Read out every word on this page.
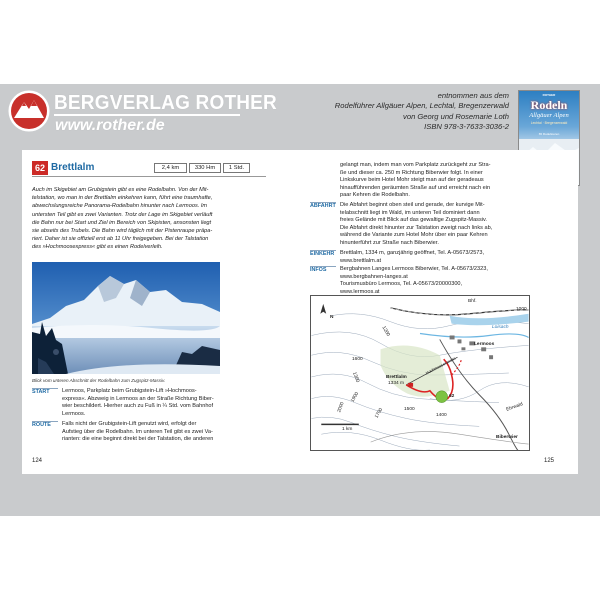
BERGVERLAG ROTHER
www.rother.de
entnommen aus dem
Rodelführer Allgäuer Alpen, Lechtal, Bregenzerwald
von Georg und Rosemarie Loth
ISBN 978-3-7633-3036-2
ROTHER
Rodeln
Allgäuer Alpen
Lechtal · Bregenzerwald
65 Rodeltouren
62 Brettlalm	2,4 km	330 Hm	1 Std.
Auch im Skigebiet am Grubigstein gibt es eine Rodelbahn. Von der Mit-
telstation, wo man in der Brettlalm einkehren kann, führt eine traumhafte,
abwechslungsreiche Panorama-Rodelbahn hinunter nach Lermoos. Im
untersten Teil gibt es zwei Varianten. Trotz der Lage im Skigebiet verläuft
die Bahn nur bei Start und Ziel im Bereich von Skipisten, ansonsten liegt
sie abseits des Trubels. Die Bahn wird täglich mit der Pistenraupe präpa-
riert. Daher ist sie offiziell erst ab 11 Uhr freigegeben. Bei der Talstation
des »Hochmoosexpress« gibt es einen Rodelverleih.
Blick vom unteren Abschnitt der Rodelbahn zum Zugspitz-Massiv.
START	Lermoos, Parkplatz beim Grubigstein-Lift »Hochmoos-
express«. Abzweig in Lermoos an der Straße Richtung Biber-
wier beschildert. Hierher auch zu Fuß in ¼ Std. vom Bahnhof
Lermoos.
ROUTE	Falls nicht der Grubigstein-Lift genutzt wird, erfolgt der
Aufstieg über die Rodelbahn. Im unteren Teil gibt es zwei Va-
rianten: die eine beginnt direkt bei der Talstation, die anderen
124
gelangt man, indem man vom Parkplatz zurückgeht zur Stra-
ße und dieser ca. 250 m Richtung Biberwier folgt. In einer
Linkskurve beim Hotel Mohr steigt man auf der geradeaus
hinaufführenden geräumten Straße auf und erreicht nach ein
paar Kehren die Rodelbahn.
ABFAHRT Die Abfahrt beginnt oben steil und gerade, der kurvige Mit-
telabschnitt liegt im Wald, im unteren Teil dominiert dann
freies Gelände mit Blick auf das gewaltige Zugspitz-Massiv.
Die Abfahrt direkt hinunter zur Talstation zweigt nach links ab,
während die Variante zum Hotel Mohr über ein paar Kehren
hinunterführt zur Straße nach Biberwier.
EINKEHR	Brettlalm, 1334 m, ganzjährig geöffnet, Tel. A-05673/2573,
www.brettlalm.at
INFOS	Bergbahnen Langes Lermoos Biberwier, Tel. A-05673/2323,
www.bergbahnen-langes.at
Tourismusbüro Lermoos, Tel. A-05673/20000300,
www.lermoos.at
125
N
Bhf.
Loisach
Lermoos
Hochmoosexpress
Brettlalm
1334 m
62
Ehrwald
Biberwier
1 km
1000
1200
1300
1400
1500
1600
1700
1900
2000
